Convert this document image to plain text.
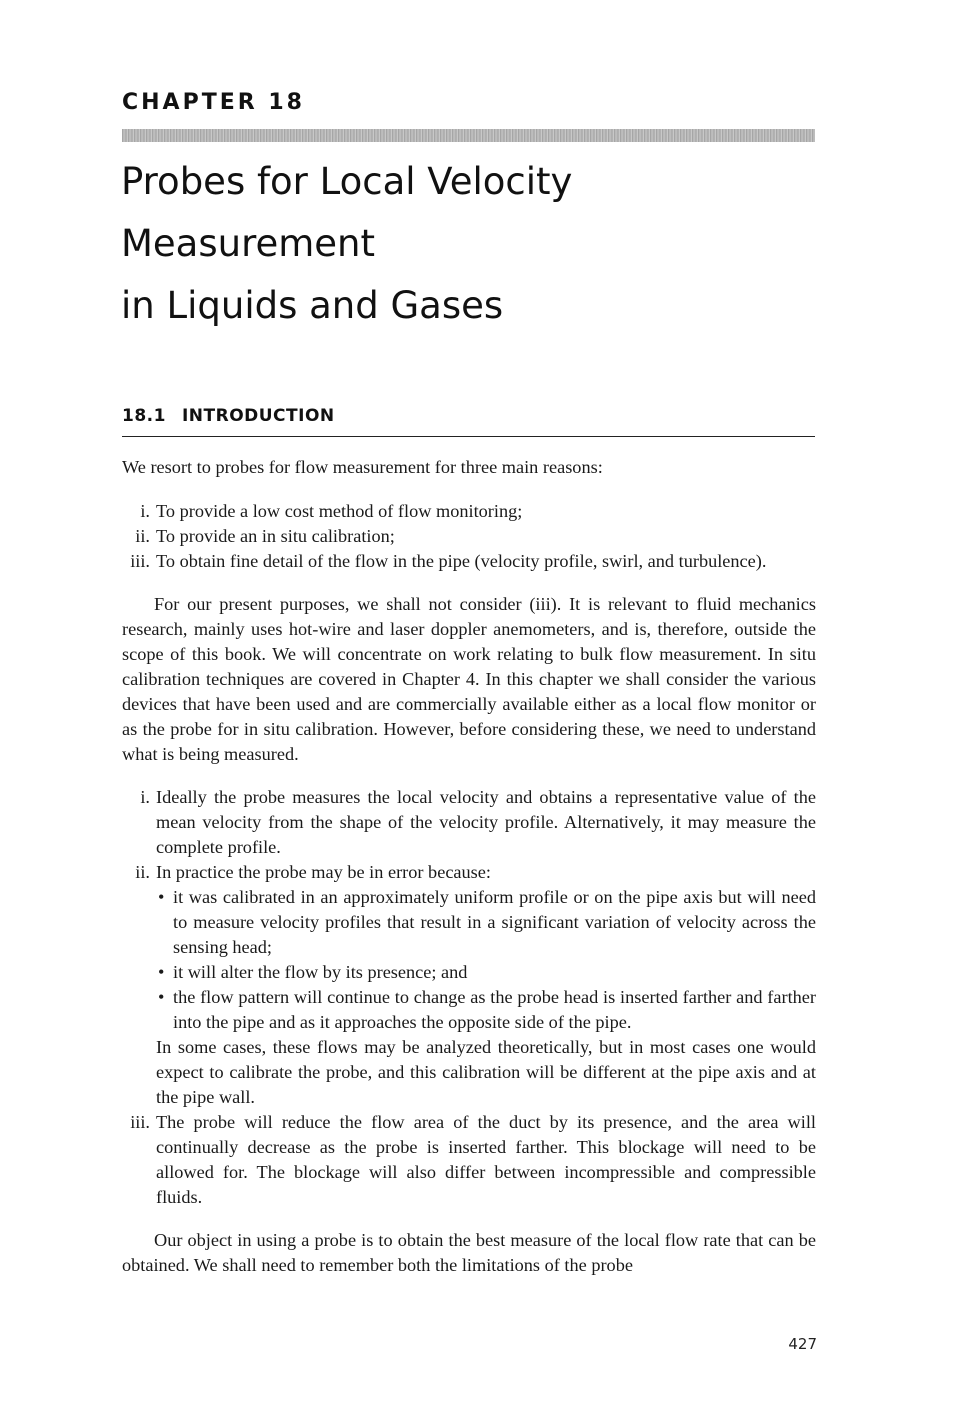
CHAPTER 18
Probes for Local Velocity Measurement
in Liquids and Gases
18.1 INTRODUCTION

We resort to probes for flow measurement for three main reasons:

i. To provide a low cost method of flow monitoring;
ii. To provide an in situ calibration;
iii. To obtain fine detail of the flow in the pipe (velocity profile, swirl, and turbulence).

For our present purposes, we shall not consider (iii). It is relevant to fluid mechanics research, mainly uses hot-wire and laser doppler anemometers, and is, therefore, outside the scope of this book. We will concentrate on work relating to bulk flow measurement. In situ calibration techniques are covered in Chapter 4. In this chapter we shall consider the various devices that have been used and are commercially available either as a local flow monitor or as the probe for in situ calibration. However, before considering these, we need to understand what is being measured.

i. Ideally the probe measures the local velocity and obtains a representative value of the mean velocity from the shape of the velocity profile. Alternatively, it may measure the complete profile.
ii. In practice the probe may be in error because:
• it was calibrated in an approximately uniform profile or on the pipe axis but will need to measure velocity profiles that result in a significant variation of velocity across the sensing head;
• it will alter the flow by its presence; and
• the flow pattern will continue to change as the probe head is inserted farther and farther into the pipe and as it approaches the opposite side of the pipe.
In some cases, these flows may be analyzed theoretically, but in most cases one would expect to calibrate the probe, and this calibration will be different at the pipe axis and at the pipe wall.
iii. The probe will reduce the flow area of the duct by its presence, and the area will continually decrease as the probe is inserted farther. This blockage will need to be allowed for. The blockage will also differ between incompressible and compressible fluids.

Our object in using a probe is to obtain the best measure of the local flow rate that can be obtained. We shall need to remember both the limitations of the probe

427
